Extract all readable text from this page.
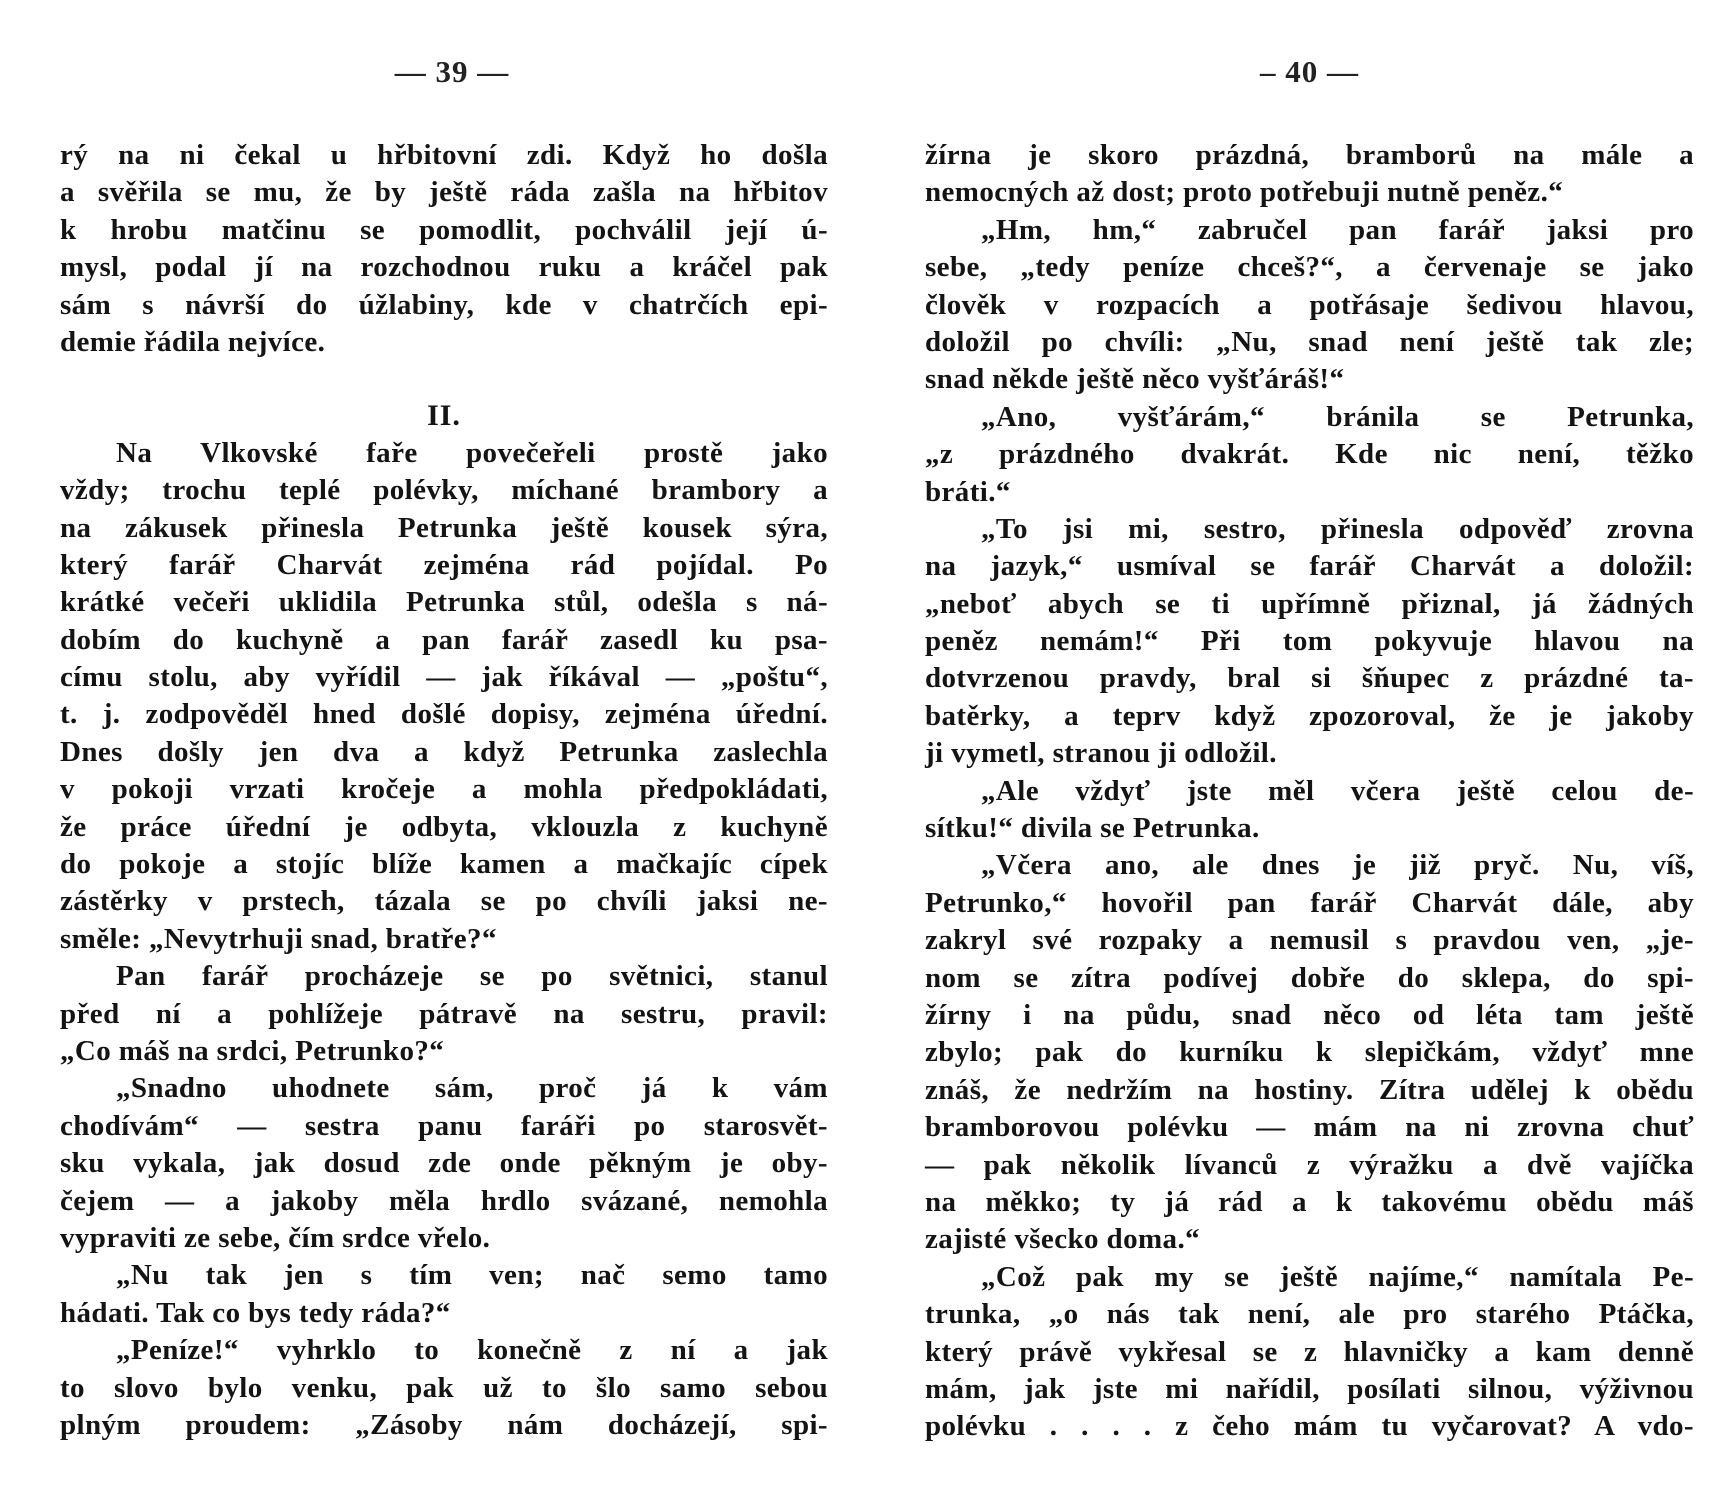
— 39 —
rý na ni čekal u hřbitovní zdi. Když ho došla
a svěřila se mu, že by ještě ráda zašla na hřbitov
k hrobu matčinu se pomodlit, pochválil její ú-
mysl, podal jí na rozchodnou ruku a kráčel pak
sám s návrší do úžlabiny, kde v chatrčích epi-
demie řádila nejvíce.
II.
Na Vlkovské faře povečeřeli prostě jako
vždy; trochu teplé polévky, míchané brambory a
na zákusek přinesla Petrunka ještě kousek sýra,
který farář Charvát zejména rád pojídal. Po
krátké večeři uklidila Petrunka stůl, odešla s ná-
dobím do kuchyně a pan farář zasedl ku psa-
címu stolu, aby vyřídil — jak říkával — „poštu“,
t. j. zodpověděl hned došlé dopisy, zejména úřední.
Dnes došly jen dva a když Petrunka zaslechla
v pokoji vrzati kročeje a mohla předpokládati,
že práce úřední je odbyta, vklouzla z kuchyně
do pokoje a stojíc blíže kamen a mačkajíc cípek
zástěrky v prstech, tázala se po chvíli jaksi ne-
směle: „Nevytrhuji snad, bratře?“
Pan farář procházeje se po světnici, stanul
před ní a pohlížeje pátravě na sestru, pravil:
„Co máš na srdci, Petrunko?“
„Snadno uhodnete sám, proč já k vám
chodívám“ — sestra panu faráři po starosvět-
sku vykala, jak dosud zde onde pěkným je oby-
čejem — a jakoby měla hrdlo svázané, nemohla
vypraviti ze sebe, čím srdce vřelo.
„Nu tak jen s tím ven; nač semo tamo
hádati. Tak co bys tedy ráda?“
„Peníze!“ vyhrklo to konečně z ní a jak
to slovo bylo venku, pak už to šlo samo sebou
plným proudem: „Zásoby nám docházejí, spi-
– 40 —
žírna je skoro prázdná, bramborů na mále a
nemocných až dost; proto potřebuji nutně peněz.“
„Hm, hm,“ zabručel pan farář jaksi pro
sebe, „tedy peníze chceš?“, a červenaje se jako
člověk v rozpacích a potřásaje šedivou hlavou,
doložil po chvíli: „Nu, snad není ještě tak zle;
snad někde ještě něco vyšťáráš!“
„Ano, vyšťárám,“ bránila se Petrunka,
„z prázdného dvakrát. Kde nic není, těžko
bráti.“
„To jsi mi, sestro, přinesla odpověď zrovna
na jazyk,“ usmíval se farář Charvát a doložil:
„neboť abych se ti upřímně přiznal, já žádných
peněz nemám!“ Při tom pokyvuje hlavou na
dotvrzenou pravdy, bral si šňupec z prázdné ta-
batěrky, a teprv když zpozoroval, že je jakoby
ji vymetl, stranou ji odložil.
„Ale vždyť jste měl včera ještě celou de-
sítku!“ divila se Petrunka.
„Včera ano, ale dnes je již pryč. Nu, víš,
Petrunko,“ hovořil pan farář Charvát dále, aby
zakryl své rozpaky a nemusil s pravdou ven, „je-
nom se zítra podívej dobře do sklepa, do spi-
žírny i na půdu, snad něco od léta tam ještě
zbylo; pak do kurníku k slepičkám, vždyť mne
znáš, že nedržím na hostiny. Zítra udělej k obědu
bramborovou polévku — mám na ni zrovna chuť
— pak několik lívanců z výražku a dvě vajíčka
na měkko; ty já rád a k takovému obědu máš
zajisté všecko doma.“
„Což pak my se ještě najíme,“ namítala Pe-
trunka, „o nás tak není, ale pro starého Ptáčka,
který právě vykřesal se z hlavničky a kam denně
mám, jak jste mi nařídil, posílati silnou, výživnou
polévku . . . . z čeho mám tu vyčarovat? A vdo-
